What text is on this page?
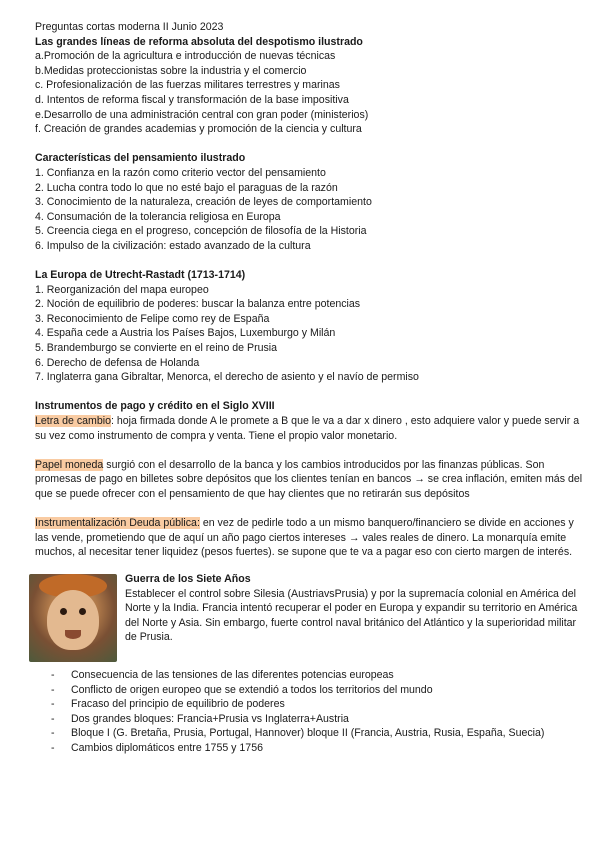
Preguntas cortas moderna II Junio 2023
Las grandes líneas de reforma absoluta del despotismo ilustrado
a.Promoción de la agricultura e introducción de nuevas técnicas
b.Medidas proteccionistas sobre la industria y el comercio
c. Profesionalización de las fuerzas militares terrestres y marinas
d. Intentos de reforma fiscal y transformación de la base impositiva
e.Desarrollo de una administración central con gran poder (ministerios)
f. Creación de grandes academias y promoción de la ciencia y cultura
Características del pensamiento ilustrado
1. Confianza en la razón como criterio vector del pensamiento
2. Lucha contra todo lo que no esté bajo el paraguas de la razón
3. Conocimiento de la naturaleza, creación de leyes de comportamiento
4. Consumación de la tolerancia religiosa en Europa
5. Creencia ciega en el progreso, concepción de filosofía de la Historia
6. Impulso de la civilización: estado avanzado de la cultura
La Europa de Utrecht-Rastadt (1713-1714)
1. Reorganización del mapa europeo
2. Noción de equilibrio de poderes: buscar la balanza entre potencias
3. Reconocimiento de Felipe como rey de España
4. España cede a Austria los Países Bajos, Luxemburgo y Milán
5. Brandemburgo se convierte en el reino de Prusia
6. Derecho de defensa de Holanda
7. Inglaterra gana Gibraltar, Menorca, el derecho de asiento y el navío de permiso
Instrumentos de pago y crédito en el Siglo XVIII

Letra de cambio: hoja firmada donde A le promete a B que le va a dar x dinero , esto adquiere valor y puede servir a su vez como instrumento de compra y venta. Tiene el propio valor monetario.

Papel moneda surgió con el desarrollo de la banca y los cambios introducidos por las finanzas públicas. Son promesas de pago en billetes sobre depósitos que los clientes tenían en bancos → se crea inflación, emiten más del que se puede ofrecer con el pensamiento de que hay clientes que no retirarán sus depósitos

Instrumentalización Deuda pública: en vez de pedirle todo a un mismo banquero/financiero se divide en acciones y las vende, prometiendo que de aquí un año pago ciertos intereses → vales reales de dinero. La monarquía emite muchos, al necesitar tener liquidez (pesos fuertes). se supone que te va a pagar eso con cierto margen de interés.

Guerra de los Siete Años

Establecer el control sobre Silesia (AustriavsPrusia) y por la supremacía colonial en América del Norte y la India. Francia intentó recuperar el poder en Europa y expandir su territorio en América del Norte y Asia. Sin embargo, fuerte control naval británico del Atlántico y la superioridad militar de Prusia.

- Consecuencia de las tensiones de las diferentes potencias europeas
- Conflicto de origen europeo que se extendió a todos los territorios del mundo
- Fracaso del principio de equilibrio de poderes
- Dos grandes bloques: Francia+Prusia vs Inglaterra+Austria
- Bloque I (G. Bretaña, Prusia, Portugal, Hannover) bloque II (Francia, Austria, Rusia, España, Suecia)
- Cambios diplomáticos entre 1755 y 1756
